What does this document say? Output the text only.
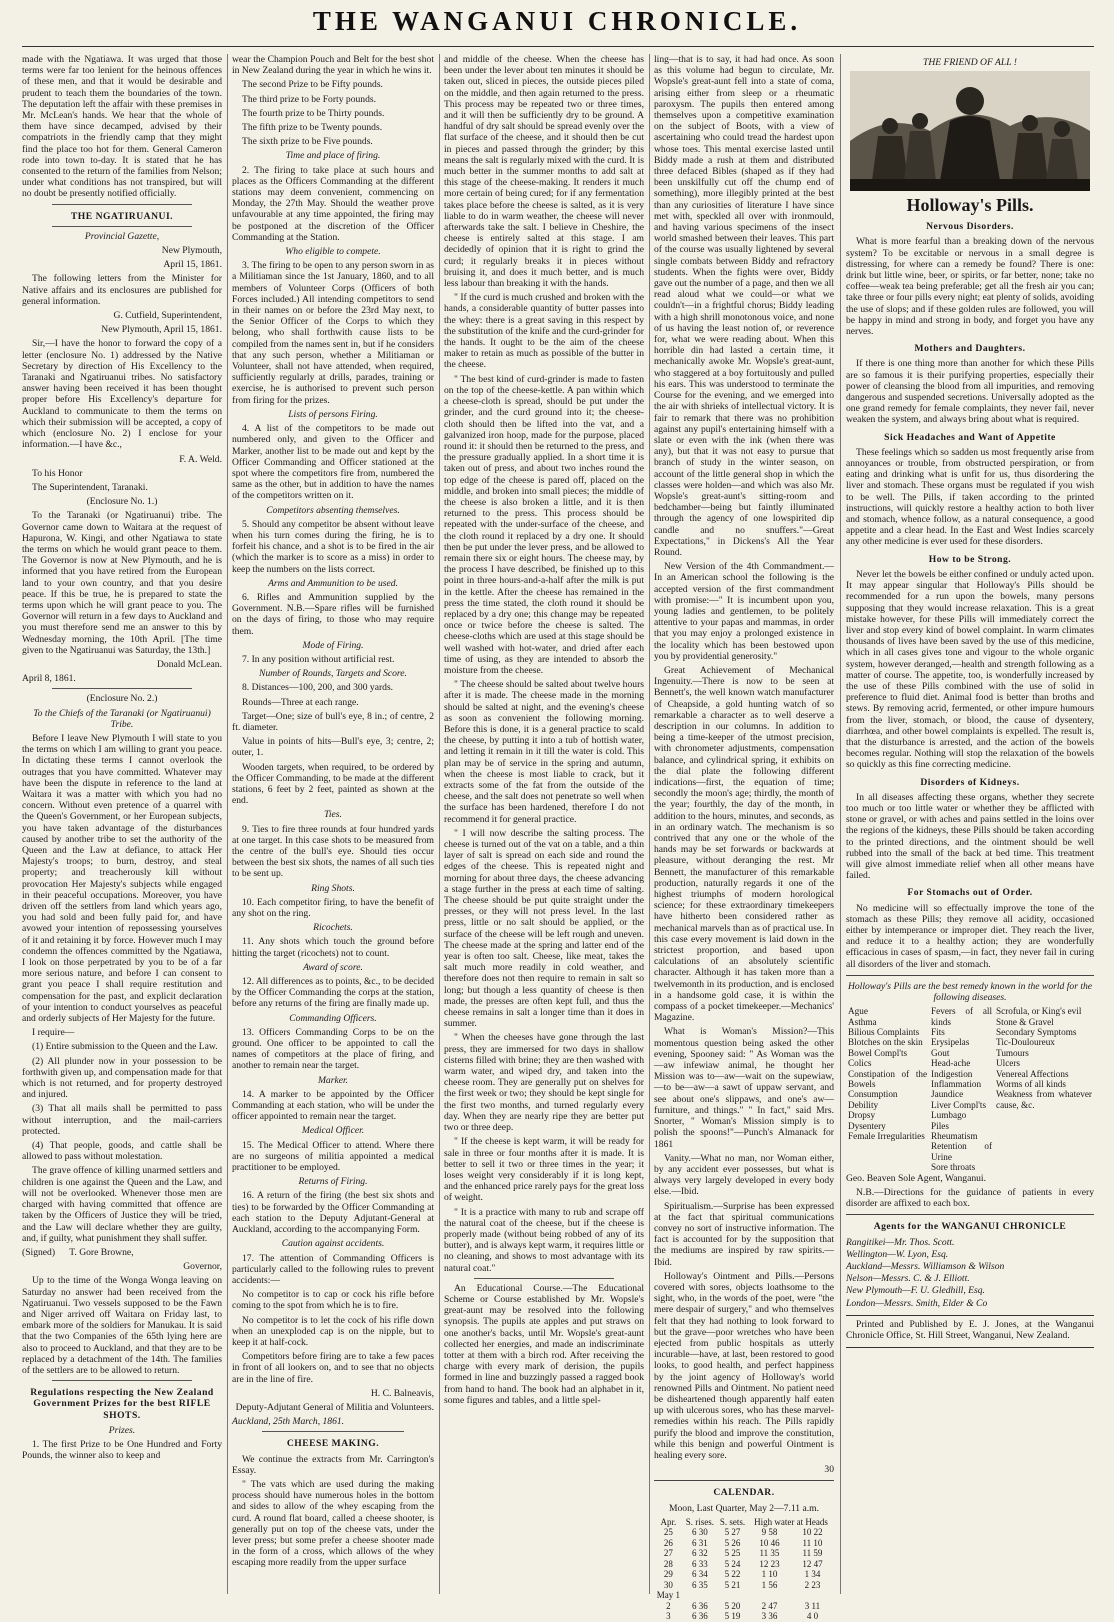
THE WANGANUI CHRONICLE.

made with the Ngatiawa. It was urged that those terms were far too lenient for the heinous offences of these men, and that it would be desirable and prudent to teach them the boundaries of the town. The deputation left the affair with these premises in Mr. McLean's hands. We hear that the whole of them have since decamped, advised by their compatriots in the friendly camp that they might find the place too hot for them. General Cameron rode into town to-day. It is stated that he has consented to the return of the families from Nelson; under what conditions has not transpired, but will no doubt be presently notified officially.

THE NGATIRUANUI.

Provincial Gazette,

New Plymouth,

April 15, 1861.

The following letters from the Minister for Native affairs and its enclosures are published for general information.

G. Cutfield, Superintendent,

New Plymouth, April 15, 1861.

Sir,—I have the honor to forward the copy of a letter (enclosure No. 1) addressed by the Native Secretary by direction of His Excellency to the Taranaki and Ngatiruanui tribes. No satisfactory answer having been received it has been thought proper before His Excellency's departure for Auckland to communicate to them the terms on which their submission will be accepted, a copy of which (enclosure No. 2) I enclose for your information.—I have &c.,

F. A. Weld.

To his Honor

The Superintendent, Taranaki.

(Enclosure No. 1.)

To the Taranaki (or Ngatiruanui) tribe. The Governor came down to Waitara at the request of Hapurona, W. Kingi, and other Ngatiawa to state the terms on which he would grant peace to them. The Governor is now at New Plymouth, and he is informed that you have retired from the European land to your own country, and that you desire peace. If this be true, he is prepared to state the terms upon which he will grant peace to you. The Governor will return in a few days to Auckland and you must therefore send me an answer to this by Wednesday morning, the 10th April. [The time given to the Ngatiruanui was Saturday, the 13th.]

Donald McLean.

April 8, 1861.

(Enclosure No. 2.)

To the Chiefs of the Taranaki (or Ngatiruanui) Tribe.

Before I leave New Plymouth I will state to you the terms on which I am willing to grant you peace. In dictating these terms I cannot overlook the outrages that you have committed. Whatever may have been the dispute in reference to the land at Waitara it was a matter with which you had no concern. Without even pretence of a quarrel with the Queen's Government, or her European subjects, you have taken advantage of the disturbances caused by another tribe to set the authority of the Queen and the Law at defiance, to attack Her Majesty's troops; to burn, destroy, and steal property; and treacherously kill without provocation Her Majesty's subjects while engaged in their peaceful occupations. Moreover, you have driven off the settlers from land which years ago, you had sold and been fully paid for, and have avowed your intention of repossessing yourselves of it and retaining it by force. However much I may condemn the offences committed by the Ngatiawa, I look on those perpetrated by you to be of a far more serious nature, and before I can consent to grant you peace I shall require restitution and compensation for the past, and explicit declaration of your intention to conduct yourselves as peaceful and orderly subjects of Her Majesty for the future.

I require—

(1) Entire submission to the Queen and the Law.

(2) All plunder now in your possession to be forthwith given up, and compensation made for that which is not returned, and for property destroyed and injured.

(3) That all mails shall be permitted to pass without interruption, and the mail-carriers protected.

(4) That people, goods, and cattle shall be allowed to pass without molestation.

The grave offence of killing unarmed settlers and children is one against the Queen and the Law, and will not be overlooked. Whenever those men are charged with having committed that offence are taken by the Officers of Justice they will be tried, and the Law will declare whether they are guilty, and, if guilty, what punishment they shall suffer.

(Signed) T. Gore Browne,

Governor,

Up to the time of the Wonga Wonga leaving on Saturday no answer had been received from the Ngatiruanui. Two vessels supposed to be the Fawn and Niger arrived off Waitara on Friday last, to embark more of the soldiers for Manukau. It is said that the two Companies of the 65th lying here are also to proceed to Auckland, and that they are to be replaced by a detachment of the 14th. The families of the settlers are to be allowed to return.

Regulations respecting the New Zealand Government Prizes for the best RIFLE SHOTS.

Prizes.

1. The first Prize to be One Hundred and Forty Pounds, the winner also to keep and

wear the Champion Pouch and Belt for the best shot in New Zealand during the year in which he wins it.

The second Prize to be Fifty pounds.

The third prize to be Forty pounds.

The fourth prize to be Thirty pounds.

The fifth prize to be Twenty pounds.

The sixth prize to be Five pounds.

Time and place of firing.

2. The firing to take place at such hours and places as the Officers Commanding at the different stations may deem convenient, commencing on Monday, the 27th May. Should the weather prove unfavourable at any time appointed, the firing may be postponed at the discretion of the Officer Commanding at the Station.

Who eligible to compete.

3. The firing to be open to any person sworn in as a Militiaman since the 1st January, 1860, and to all members of Volunteer Corps (Officers of both Forces included.) All intending competitors to send in their names on or before the 23rd May next, to the Senior Officer of the Corps to which they belong, who shall forthwith cause lists to be compiled from the names sent in, but if he considers that any such person, whether a Militiaman or Volunteer, shall not have attended, when required, sufficiently regularly at drills, parades, training or exercise, he is authorised to prevent such person from firing for the prizes.

Lists of persons Firing.

4. A list of the competitors to be made out numbered only, and given to the Officer and Marker, another list to be made out and kept by the Officer Commanding and Officer stationed at the spot where the competitors fire from, numbered the same as the other, but in addition to have the names of the competitors written on it.

Competitors absenting themselves.

5. Should any competitor be absent without leave when his turn comes during the firing, he is to forfeit his chance, and a shot is to be fired in the air (which the marker is to score as a miss) in order to keep the numbers on the lists correct.

Arms and Ammunition to be used.

6. Rifles and Ammunition supplied by the Government. N.B.—Spare rifles will be furnished on the days of firing, to those who may require them.

Mode of Firing.

7. In any position without artificial rest.

Number of Rounds, Targets and Score.

8. Distances—100, 200, and 300 yards.

Rounds—Three at each range.

Target—One; size of bull's eye, 8 in.; of centre, 2 ft. diameter.

Value in points of hits—Bull's eye, 3; centre, 2; outer, 1.

Wooden targets, when required, to be ordered by the Officer Commanding, to be made at the different stations, 6 feet by 2 feet, painted as shown at the end.

Ties.

9. Ties to fire three rounds at four hundred yards at one target. In this case shots to be measured from the centre of the bull's eye. Should ties occur between the best six shots, the names of all such ties to be sent up.

Ring Shots.

10. Each competitor firing, to have the benefit of any shot on the ring.

Ricochets.

11. Any shots which touch the ground before hitting the target (ricochets) not to count.

Award of score.

12. All differences as to points, &c., to be decided by the Officer Commanding the corps at the station, before any returns of the firing are finally made up.

Commanding Officers.

13. Officers Commanding Corps to be on the ground. One officer to be appointed to call the names of competitors at the place of firing, and another to remain near the target.

Marker.

14. A marker to be appointed by the Officer Commanding at each station, who will be under the officer appointed to remain near the target.

Medical Officer.

15. The Medical Officer to attend. Where there are no surgeons of militia appointed a medical practitioner to be employed.

Returns of Firing.

16. A return of the firing (the best six shots and ties) to be forwarded by the Officer Commanding at each station to the Deputy Adjutant-General at Auckland, according to the accompanying Form.

Caution against accidents.

17. The attention of Commanding Officers is particularly called to the following rules to prevent accidents:—

No competitor is to cap or cock his rifle before coming to the spot from which he is to fire.

No competitor is to let the cock of his rifle down when an unexploded cap is on the nipple, but to keep it at half-cock.

Competitors before firing are to take a few paces in front of all lookers on, and to see that no objects are in the line of fire.

H. C. Balneavis,

Deputy-Adjutant General of Militia and Volunteers.

Auckland, 25th March, 1861.

CHEESE MAKING.

We continue the extracts from Mr. Carrington's Essay.

" The vats which are used during the making process should have numerous holes in the bottom and sides to allow of the whey escaping from the curd. A round flat board, called a cheese shooter, is generally put on top of the cheese vats, under the lever press; but some prefer a cheese shooter made in the form of a cross, which allows of the whey escaping more readily from the upper surface

and middle of the cheese. When the cheese has been under the lever about ten minutes it should be taken out, sliced in pieces, the outside pieces piled on the middle, and then again returned to the press. This process may be repeated two or three times, and it will then be sufficiently dry to be ground. A handful of dry salt should be spread evenly over the flat surface of the cheese, and it should then be cut in pieces and passed through the grinder; by this means the salt is regularly mixed with the curd. It is much better in the summer months to add salt at this stage of the cheese-making. It renders it much more certain of being cured; for if any fermentation takes place before the cheese is salted, as it is very liable to do in warm weather, the cheese will never afterwards take the salt. I believe in Cheshire, the cheese is entirely salted at this stage. I am decidedly of opinion that it is right to grind the curd; it regularly breaks it in pieces without bruising it, and does it much better, and is much less labour than breaking it with the hands.

" If the curd is much crushed and broken with the hands, a considerable quantity of butter passes into the whey: there is a great saving in this respect by the substitution of the knife and the curd-grinder for the hands. It ought to be the aim of the cheese maker to retain as much as possible of the butter in the cheese.

" The best kind of curd-grinder is made to fasten on the top of the cheese-kettle. A pan within which a cheese-cloth is spread, should be put under the grinder, and the curd ground into it; the cheese-cloth should then be lifted into the vat, and a galvanized iron hoop, made for the purpose, placed round it: it should then be returned to the press, and the pressure gradually applied. In a short time it is taken out of press, and about two inches round the top edge of the cheese is pared off, placed on the middle, and broken into small pieces; the middle of the cheese is also broken a little, and it is then returned to the press. This process should be repeated with the under-surface of the cheese, and the cloth round it replaced by a dry one. It should then be put under the lever press, and be allowed to remain there six or eight hours. The cheese may, by the process I have described, be finished up to this point in three hours-and-a-half after the milk is put in the kettle. After the cheese has remained in the press the time stated, the cloth round it should be replaced by a dry one; this change may be repeated once or twice before the cheese is salted. The cheese-cloths which are used at this stage should be well washed with hot-water, and dried after each time of using, as they are intended to absorb the moisture from the cheese.

" The cheese should be salted about twelve hours after it is made. The cheese made in the morning should be salted at night, and the evening's cheese as soon as convenient the following morning. Before this is done, it is a general practice to scald the cheese, by putting it into a tub of hottish water, and letting it remain in it till the water is cold. This plan may be of service in the spring and autumn, when the cheese is most liable to crack, but it extracts some of the fat from the outside of the cheese, and the salt does not penetrate so well when the surface has been hardened, therefore I do not recommend it for general practice.

" I will now describe the salting process. The cheese is turned out of the vat on a table, and a thin layer of salt is spread on each side and round the edges of the cheese. This is repeated night and morning for about three days, the cheese advancing a stage further in the press at each time of salting. The cheese should be put quite straight under the presses, or they will not press level. In the last press, little or no salt should be applied, or the surface of the cheese will be left rough and uneven. The cheese made at the spring and latter end of the year is often too salt. Cheese, like meat, takes the salt much more readily in cold weather, and therefore does not then require to remain in salt so long; but though a less quantity of cheese is then made, the presses are often kept full, and thus the cheese remains in salt a longer time than it does in summer.

" When the cheeses have gone through the last press, they are immersed for two days in shallow cisterns filled with brine; they are then washed with warm water, and wiped dry, and taken into the cheese room. They are generally put on shelves for the first week or two; they should be kept single for the first two months, and turned regularly every day. When they are nearly ripe they are better put two or three deep.

" If the cheese is kept warm, it will be ready for sale in three or four months after it is made. It is better to sell it two or three times in the year; it loses weight very considerably if it is long kept, and the enhanced price rarely pays for the great loss of weight.

" It is a practice with many to rub and scrape off the natural coat of the cheese, but if the cheese is properly made (without being robbed of any of its butter), and is always kept warm, it requires little or no cleaning, and shows to most advantage with its natural coat."

An Educational Course.—The Educational Scheme or Course established by Mr. Wopsle's great-aunt may be resolved into the following synopsis. The pupils ate apples and put straws on one another's backs, until Mr. Wopsle's great-aunt collected her energies, and made an indiscriminate totter at them with a birch rod. After receiving the charge with every mark of derision, the pupils formed in line and buzzingly passed a ragged book from hand to hand. The book had an alphabet in it, some figures and tables, and a little spel-

ling—that is to say, it had had once. As soon as this volume had begun to circulate, Mr. Wopsle's great-aunt fell into a state of coma, arising either from sleep or a rheumatic paroxysm. The pupils then entered among themselves upon a competitive examination on the subject of Boots, with a view of ascertaining who could tread the hardest upon whose toes. This mental exercise lasted until Biddy made a rush at them and distributed three defaced Bibles (shaped as if they had been unskilfully cut off the chump end of something), more illegibly printed at the best than any curiosities of literature I have since met with, speckled all over with ironmould, and having various specimens of the insect world smashed between their leaves. This part of the course was usually lightened by several single combats between Biddy and refractory students. When the fights were over, Biddy gave out the number of a page, and then we all read aloud what we could—or what we couldn't—in a frightful chorus; Biddy leading with a high shrill monotonous voice, and none of us having the least notion of, or reverence for, what we were reading about. When this horrible din had lasted a certain time, it mechanically awoke Mr. Wopsle's great-aunt, who staggered at a boy fortuitously and pulled his ears. This was understood to terminate the Course for the evening, and we emerged into the air with shrieks of intellectual victory. It is fair to remark that there was no prohibition against any pupil's entertaining himself with a slate or even with the ink (when there was any), but that it was not easy to pursue that branch of study in the winter season, on account of the little general shop in which the classes were holden—and which was also Mr. Wopsle's great-aunt's sitting-room and bedchamber—being but faintly illuminated through the agency of one lowspirited dip candle and no snuffers."—Great Expectations," in Dickens's All the Year Round.

New Version of the 4th Commandment.—In an American school the following is the accepted version of the first commandment with promise:—" It is incumbent upon you, young ladies and gentlemen, to be politely attentive to your papas and mammas, in order that you may enjoy a prolonged existence in the locality which has been bestowed upon you by providential generosity."

Great Achievement of Mechanical Ingenuity.—There is now to be seen at Bennett's, the well known watch manufacturer of Cheapside, a gold hunting watch of so remarkable a character as to well deserve a description in our columns. In addition to being a time-keeper of the utmost precision, with chronometer adjustments, compensation balance, and cylindrical spring, it exhibits on the dial plate the following different indications—first, the equation of time; secondly the moon's age; thirdly, the month of the year; fourthly, the day of the month, in addition to the hours, minutes, and seconds, as in an ordinary watch. The mechanism is so contrived that any one or the whole of the hands may be set forwards or backwards at pleasure, without deranging the rest. Mr Bennett, the manufacturer of this remarkable production, naturally regards it one of the highest triumphs of modern horological science; for these extraordinary timekeepers have hitherto been considered rather as mechanical marvels than as of practical use. In this case every movement is laid down in the strictest proportion, and based upon calculations of an absolutely scientific character. Although it has taken more than a twelvemonth in its production, and is enclosed in a handsome gold case, it is within the compass of a pocket timekeeper.—Mechanics' Magazine.

What is Woman's Mission?—This momentous question being asked the other evening, Spooney said: " As Woman was the—aw infewiaw animal, he thought her Mission was to—aw—wait on the supewiaw,—to be—aw—a sawt of uppaw servant, and see about one's slippaws, and one's aw—furniture, and things." " In fact," said Mrs. Snorter, " Woman's Mission simply is to polish the spoons!"—Punch's Almanack for 1861

Vanity.—What no man, nor Woman either, by any accident ever possesses, but what is always very largely developed in every body else.—Ibid.

Spiritualism.—Surprise has been expressed at the fact that spiritual communications convey no sort of instructive information. The fact is accounted for by the supposition that the mediums are inspired by raw spirits.—Ibid.

Holloway's Ointment and Pills.—Persons covered with sores, objects loathsome to the sight, who, in the words of the poet, were "the mere despair of surgery," and who themselves felt that they had nothing to look forward to but the grave—poor wretches who have been ejected from public hospitals as utterly incurable—have, at last, been restored to good looks, to good health, and perfect happiness by the joint agency of Holloway's world renowned Pills and Ointment. No patient need be disheartened though apparently half eaten up with ulcerous sores, who has these marvel-remedies within his reach. The Pills rapidly purify the blood and improve the constitution, while this benign and powerful Ointment is healing every sore.

30

CALENDAR.

Moon, Last Quarter, May 2—7.11 a.m.

Apr.	S. rises.	S. sets.	High water at Heads	
25	6 30	5 27	9 58	10 22
26	6 31	5 26	10 46	11 10
27	6 32	5 25	11 35	11 59
28	6 33	5 24	12 23	12 47
29	6 34	5 22	1 10	1 34
30	6 35	5 21	1 56	2 23
May 1				
2	6 36	5 20	2 47	3 11
3	6 36	5 19	3 36	4 0

THE FRIEND OF ALL !

Holloway's Pills.

Nervous Disorders.

What is more fearful than a breaking down of the nervous system? To be excitable or nervous in a small degree is distressing, for where can a remedy be found? There is one: drink but little wine, beer, or spirits, or far better, none; take no coffee—weak tea being preferable; get all the fresh air you can; take three or four pills every night; eat plenty of solids, avoiding the use of slops; and if these golden rules are followed, you will be happy in mind and strong in body, and forget you have any nerves.

Mothers and Daughters.

If there is one thing more than another for which these Pills are so famous it is their purifying properties, especially their power of cleansing the blood from all impurities, and removing dangerous and suspended secretions. Universally adopted as the one grand remedy for female complaints, they never fail, never weaken the system, and always bring about what is required.

Sick Headaches and Want of Appetite

These feelings which so sadden us most frequently arise from annoyances or trouble, from obstructed perspiration, or from eating and drinking what is unfit for us, thus disordering the liver and stomach. These organs must be regulated if you wish to be well. The Pills, if taken according to the printed instructions, will quickly restore a healthy action to both liver and stomach, whence follow, as a natural consequence, a good appetite and a clear head. In the East and West Indies scarcely any other medicine is ever used for these disorders.

How to be Strong.

Never let the bowels be either confined or unduly acted upon. It may appear singular that Holloway's Pills should be recommended for a run upon the bowels, many persons supposing that they would increase relaxation. This is a great mistake however, for these Pills will immediately correct the liver and stop every kind of bowel complaint. In warm climates thousands of lives have been saved by the use of this medicine, which in all cases gives tone and vigour to the whole organic system, however deranged,—health and strength following as a matter of course. The appetite, too, is wonderfully increased by the use of these Pills combined with the use of solid in preference to fluid diet. Animal food is better than broths and stews. By removing acrid, fermented, or other impure humours from the liver, stomach, or blood, the cause of dysentery, diarrhœa, and other bowel complaints is expelled. The result is, that the disturbance is arrested, and the action of the bowels becomes regular. Nothing will stop the relaxation of the bowels so quickly as this fine correcting medicine.

Disorders of Kidneys.

In all diseases affecting these organs, whether they secrete too much or too little water or whether they be afflicted with stone or gravel, or with aches and pains settled in the loins over the regions of the kidneys, these Pills should be taken according to the printed directions, and the ointment should be well rubbed into the small of the back at bed time. This treatment will give almost immediate relief when all other means have failed.

For Stomachs out of Order.

No medicine will so effectually improve the tone of the stomach as these Pills; they remove all acidity, occasioned either by intemperance or improper diet. They reach the liver, and reduce it to a healthy action; they are wonderfully efficacious in cases of spasm,—in fact, they never fail in curing all disorders of the liver and stomach.

Holloway's Pills are the best remedy known in the world for the following diseases.

Ague
Asthma
Bilious Complaints
Blotches on the skin
Bowel Compl'ts
Colics
Constipation of the Bowels
Consumption
Debility
Dropsy
Dysentery
Female Irregularities

Fevers of all kinds
Fits
Erysipelas
Gout
Head-ache
Indigestion
Inflammation
Jaundice
Liver Compl'ts
Lumbago
Piles
Rheumatism
Retention of Urine
Sore throats

Scrofula, or King's evil
Stone & Gravel
Secondary Symptoms
Tic-Douloureux
Tumours
Ulcers
Venereal Affections
Worms of all kinds
Weakness from whatever cause, &c.

Geo. Beaven Sole Agent, Wanganui.

N.B.—Directions for the guidance of patients in every disorder are affixed to each box.

Agents for the WANGANUI CHRONICLE

Rangitikei—Mr. Thos. Scott.

Wellington—W. Lyon, Esq.

Auckland—Messrs. Williamson & Wilson

Nelson—Messrs. C. & J. Elliott.

New Plymouth—F. U. Gledhill, Esq.

London—Messrs. Smith, Elder & Co

Printed and Published by E. J. Jones, at the Wanganui Chronicle Office, St. Hill Street, Wanganui, New Zealand.
